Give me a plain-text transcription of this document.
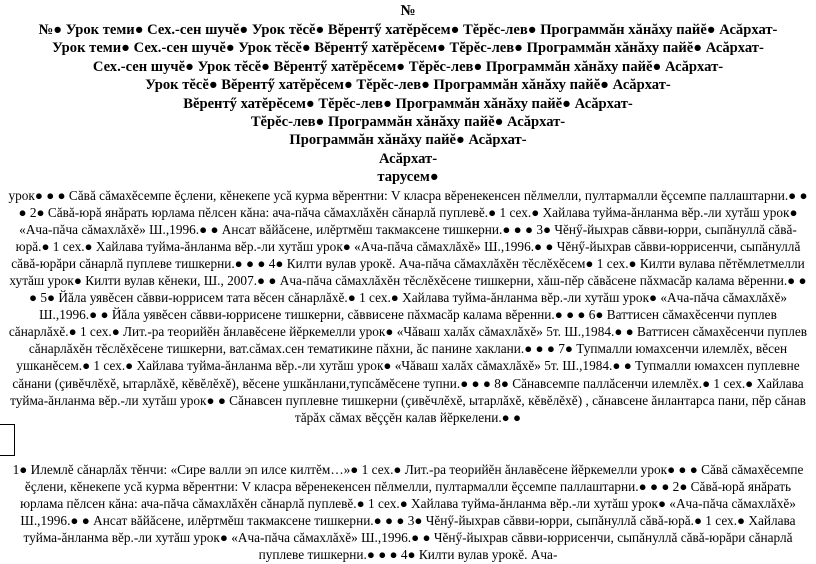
№
№● Урок теми● Сех.-сен шучĕ● Урок тĕсĕ● Вĕрентӳ хатĕрĕсем● Тĕрĕс-лев● Программăн хăнăху пайĕ● Асăрхат-
Урок теми● Сех.-сен шучĕ● Урок тĕсĕ● Вĕрентӳ хатĕрĕсем● Тĕрĕс-лев● Программăн хăнăху пайĕ● Асăрхат-
Сех.-сен шучĕ● Урок тĕсĕ● Вĕрентӳ хатĕрĕсем● Тĕрĕс-лев● Программăн хăнăху пайĕ● Асăрхат-
Урок тĕсĕ● Вĕрентӳ хатĕрĕсем● Тĕрĕс-лев● Программăн хăнăху пайĕ● Асăрхат-
Вĕрентӳ хатĕрĕсем● Тĕрĕс-лев● Программăн хăнăху пайĕ● Асăрхат-
Тĕрĕс-лев● Программăн хăнăху пайĕ● Асăрхат-
Программăн хăнăху пайĕ● Асăрхат-
Асăрхат-
тарусем●

урок● ● ● Сăвă сăмахĕсемпе ĕçлени, кĕнекепе усă курма вĕрентни: V класра вĕренекенсен пĕлмелли, пултармалли ĕçсемпе паллаштарни.● ● ● 2● Сăвă-юрă янăрать юрлама пĕлсен кăна: ача-пăча сăмахлăхĕн сăнарлă пуплевĕ.● 1 сех.● Хайлава туйма-ăнланма вĕр.-ли хутăш урок● «Ача-пăча сăмахлăхĕ» Ш.,1996.● ● Ансат вăйăсене, илĕртмĕш такмаксене тишкерни.● ● ● 3● Чĕнӳ-йыхрав сăвви-юрри, сыпăнуллă сăвă-юрă.● 1 сех.● Хайлава туйма-ăнланма вĕр.-ли хутăш урок● «Ача-пăча сăмахлăхĕ» Ш.,1996.● ● Чĕнӳ-йыхрав сăвви-юррисенчи, сыпăнуллă сăвă-юрăри сăнарлă пуплеве тишкерни.● ● ● 4● Килти вулав урокĕ. Ача-пăча сăмахлăхĕн тĕслĕхĕсем● 1 сех.● Килти вулава пĕтĕмлетмелли хутăш урок● Килти вулав кĕнеки, Ш., 2007.● ● Ача-пăча сăмахлăхĕн тĕслĕхĕсене тишкерни, хăш-пĕр сăвăсене пăхмасăр калама вĕренни.● ● ● 5● Йăла уявĕсен сăвви-юррисем тата вĕсен сăнарлăхĕ.● 1 сех.● Хайлава туйма-ăнланма вĕр.-ли хутăш урок● «Ача-пăча сăмахлăхĕ» Ш.,1996.● ● Йăла уявĕсен сăвви-юррисене тишкерни, сăввисене пăхмасăр калама вĕренни.● ● ● 6● Ваттисен сăмахĕсенчи пуплев сăнарлăхĕ.● 1 сех.● Лит.-ра теорийĕн ăнлавĕсене йĕркемелли урок● «Чăваш халăх сăмахлăхĕ» 5т. Ш.,1984.● ● Ваттисен сăмахĕсенчи пуплев сăнарлăхĕн тĕслĕхĕсене тишкерни, ват.сăмах.сен тематикине пăхни, ăс панине хаклани.● ● ● 7● Тупмалли юмахсенчи илемлĕх, вĕсен ушканĕсем.● 1 сех.● Хайлава туйма-ăнланма вĕр.-ли хутăш урок● «Чăваш халăх сăмахлăхĕ» 5т. Ш.,1984.● ● Тупмалли юмахсен пуплевне сăнани (çивĕчлĕхĕ, ытарлăхĕ, кĕвĕлĕхĕ), вĕсене ушкăнлани,тупсăмĕсене тупни.● ● ● 8● Сăнавсемпе паллăсенчи илемлĕх.● 1 сех.● Хайлава туйма-ăнланма вĕр.-ли хутăш урок● ● Сăнавсен пуплевне тишкерни (çивĕчлĕхĕ, ытарлăхĕ, кĕвĕлĕхĕ) , сăнавсене ăнлантарса пани, пĕр сăнав тăрăх сăмах вĕççĕн калав йĕркелени.● ●

1● Илемлĕ сăнарлăх тĕнчи: «Сире валли эп илсе килтĕм…»● 1 сех.● Лит.-ра теорийĕн ăнлавĕсене йĕркемелли урок● ● ● Сăвă сăмахĕсемпе ĕçлени, кĕнекепе усă курма вĕрентни: V класра вĕренекенсен пĕлмелли, пултармалли ĕçсемпе паллаштарни.● ● ● 2● Сăвă-юрă янăрать юрлама пĕлсен кăна: ача-пăча сăмахлăхĕн сăнарлă пуплевĕ.● 1 сех.● Хайлава туйма-ăнланма вĕр.-ли хутăш урок● «Ача-пăча сăмахлăхĕ» Ш.,1996.● ● Ансат вăйăсене, илĕртмĕш такмаксене тишкерни.● ● ● 3● Чĕнӳ-йыхрав сăвви-юрри, сыпăнуллă сăвă-юрă.● 1 сех.● Хайлава туйма-ăнланма вĕр.-ли хутăш урок● «Ача-пăча сăмахлăхĕ» Ш.,1996.● ● Чĕнӳ-йыхрав сăвви-юррисенчи, сыпăнуллă сăвă-юрăри сăнарлă пуплеве тишкерни.● ● ● 4● Килти вулав урокĕ. Ача-
